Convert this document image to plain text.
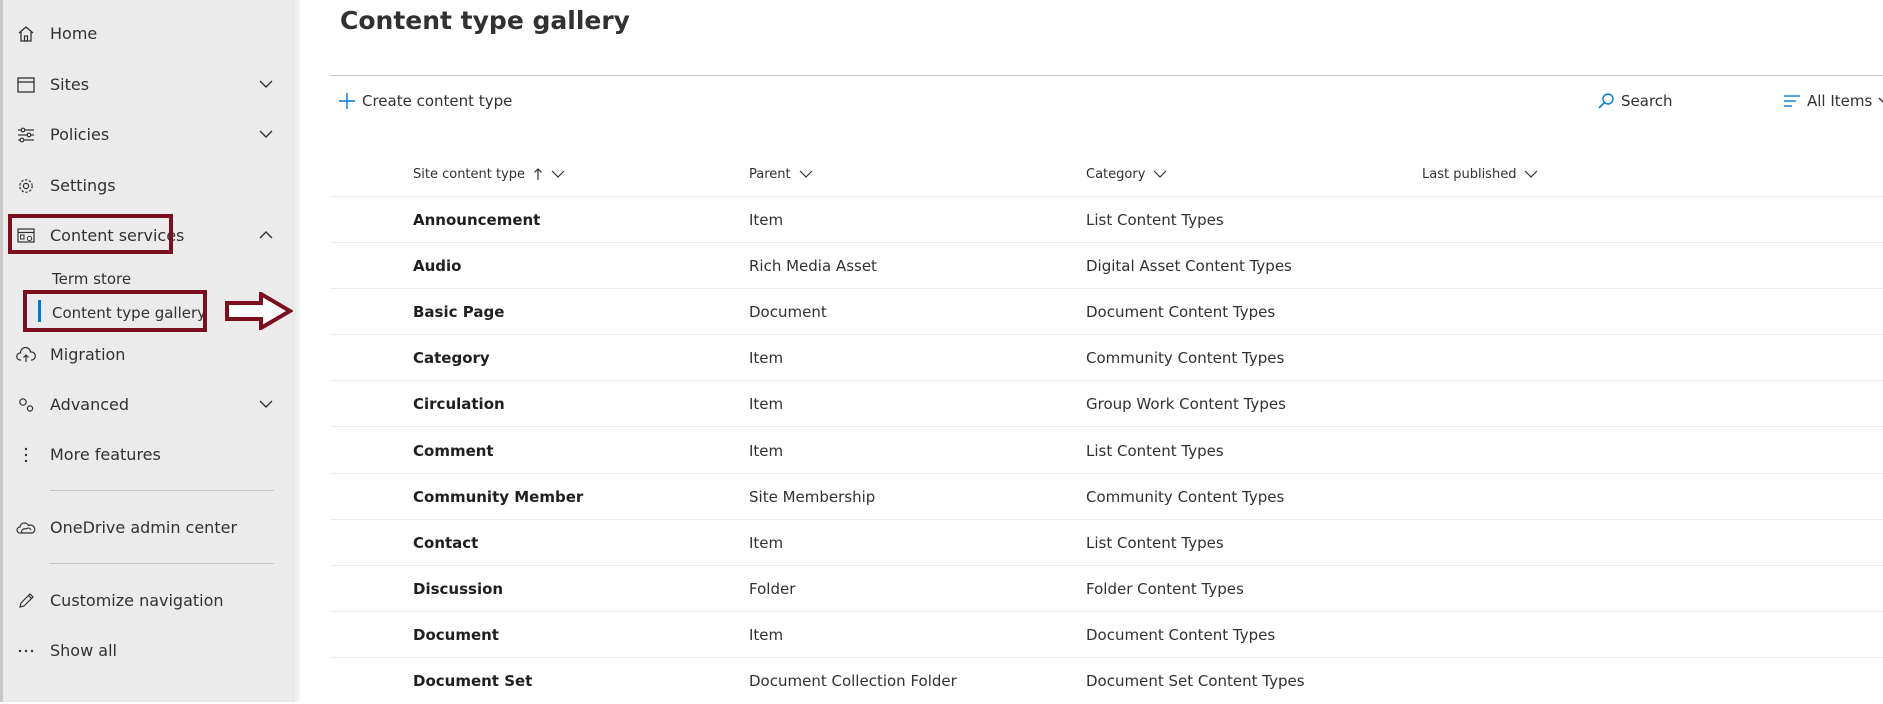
Home
Sites
Policies
Settings
Content services
Term store
Content type gallery
Migration
Advanced
More features
OneDrive admin center
Customize navigation
Show all
Content type gallery
Create content type	Search	All Items
Site content type	Parent	Category	Last published
Announcement	Item	List Content Types
Audio	Rich Media Asset	Digital Asset Content Types
Basic Page	Document	Document Content Types
Category	Item	Community Content Types
Circulation	Item	Group Work Content Types
Comment	Item	List Content Types
Community Member	Site Membership	Community Content Types
Contact	Item	List Content Types
Discussion	Folder	Folder Content Types
Document	Item	Document Content Types
Document Set	Document Collection Folder	Document Set Content Types
